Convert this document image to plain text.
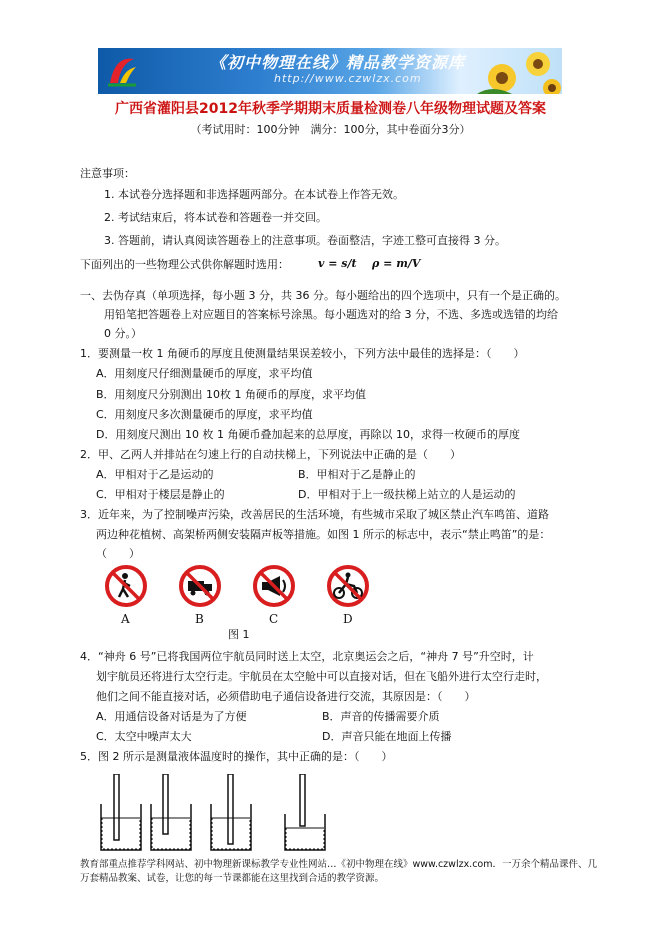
《初中物理在线》精品教学资源库
http://www.czwlzx.com
广西省灌阳县2012年秋季学期期末质量检测卷八年级物理试题及答案
（考试用时：100分钟　满分：100分，其中卷面分3分）
注意事项：
1. 本试卷分选择题和非选择题两部分。在本试卷上作答无效。
2. 考试结束后，将本试卷和答题卷一并交回。
3. 答题前，请认真阅读答题卷上的注意事项。卷面整洁，字迹工整可直接得 3 分。
下面列出的一些物理公式供你解题时选用：	v = s/t ρ = m/V
一、去伪存真（单项选择，每小题 3 分，共 36 分。每小题给出的四个选项中，只有一个是正确的。
用铅笔把答题卷上对应题目的答案标号涂黑。每小题选对的给 3 分，不选、多选或选错的均给
0 分。）
1．要测量一枚 1 角硬币的厚度且使测量结果误差较小，下列方法中最佳的选择是：（　　）
A．用刻度尺仔细测量硬币的厚度，求平均值
B．用刻度尺分别测出 10枚 1 角硬币的厚度，求平均值
C．用刻度尺多次测量硬币的厚度，求平均值
D．用刻度尺测出 10 枚 1 角硬币叠加起来的总厚度，再除以 10，求得一枚硬币的厚度
2．甲、乙两人并排站在匀速上行的自动扶梯上，下列说法中正确的是（　　）
A．甲相对于乙是运动的	B．甲相对于乙是静止的
C．甲相对于楼层是静止的	D．甲相对于上一级扶梯上站立的人是运动的
3．近年来，为了控制噪声污染，改善居民的生活环境，有些城市采取了城区禁止汽车鸣笛、道路
两边种花植树、高架桥两侧安装隔声板等措施。如图 1 所示的标志中，表示“禁止鸣笛”的是：
（　　）
A	B	C	D
图 1
4．“神舟 6 号”已将我国两位宇航员同时送上太空，北京奥运会之后，“神舟 7 号”升空时，计
划宇航员还将进行太空行走。宇航员在太空舱中可以直接对话，但在飞船外进行太空行走时，
他们之间不能直接对话，必须借助电子通信设备进行交流，其原因是：（　　）
A．用通信设备对话是为了方便	B．声音的传播需要介质
C．太空中噪声太大	D．声音只能在地面上传播
5．图 2 所示是测量液体温度时的操作，其中正确的是：（　　）
教育部重点推荐学科网站、初中物理新课标教学专业性网站…《初中物理在线》www.czwlzx.com．一万余个精品课件、几万套精品教案、试卷，让您的每一节课都能在这里找到合适的教学资源。
